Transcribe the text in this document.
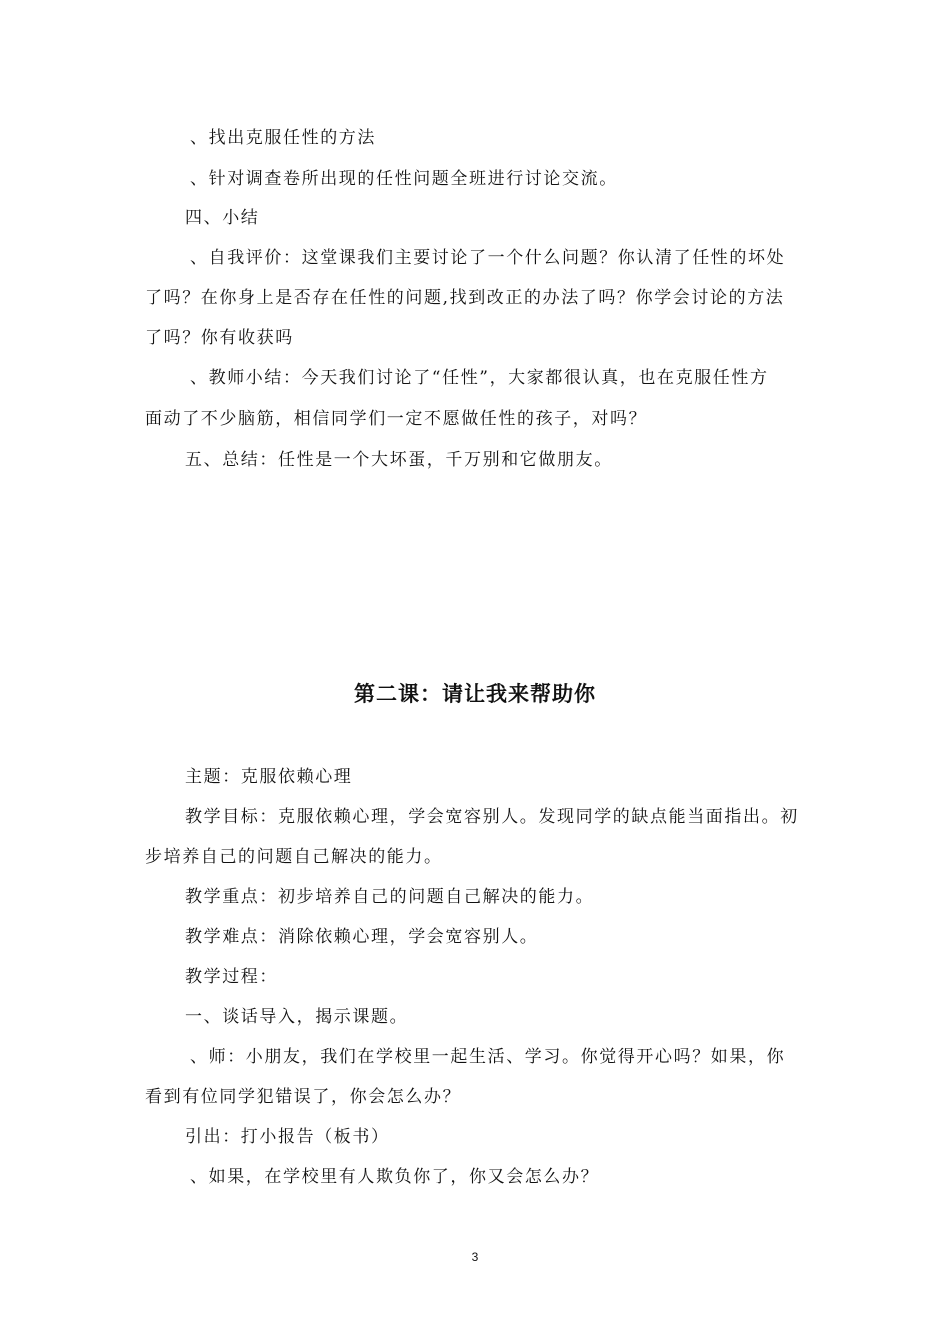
、找出克服任性的方法
、针对调查卷所出现的任性问题全班进行讨论交流。
四、小结
、自我评价：这堂课我们主要讨论了一个什么问题？你认清了任性的坏处
了吗？在你身上是否存在任性的问题,找到改正的办法了吗？你学会讨论的方法
了吗？你有收获吗
、教师小结：今天我们讨论了“任性”，大家都很认真，也在克服任性方
面动了不少脑筋，相信同学们一定不愿做任性的孩子，对吗？
五、总结：任性是一个大坏蛋，千万别和它做朋友。
第二课：请让我来帮助你
主题：克服依赖心理
教学目标：克服依赖心理，学会宽容别人。发现同学的缺点能当面指出。初
步培养自己的问题自己解决的能力。
教学重点：初步培养自己的问题自己解决的能力。
教学难点：消除依赖心理，学会宽容别人。
教学过程：
一、谈话导入，揭示课题。
、师：小朋友，我们在学校里一起生活、学习。你觉得开心吗？如果，你
看到有位同学犯错误了，你会怎么办？
引出：打小报告（板书）
、如果，在学校里有人欺负你了，你又会怎么办？
3
